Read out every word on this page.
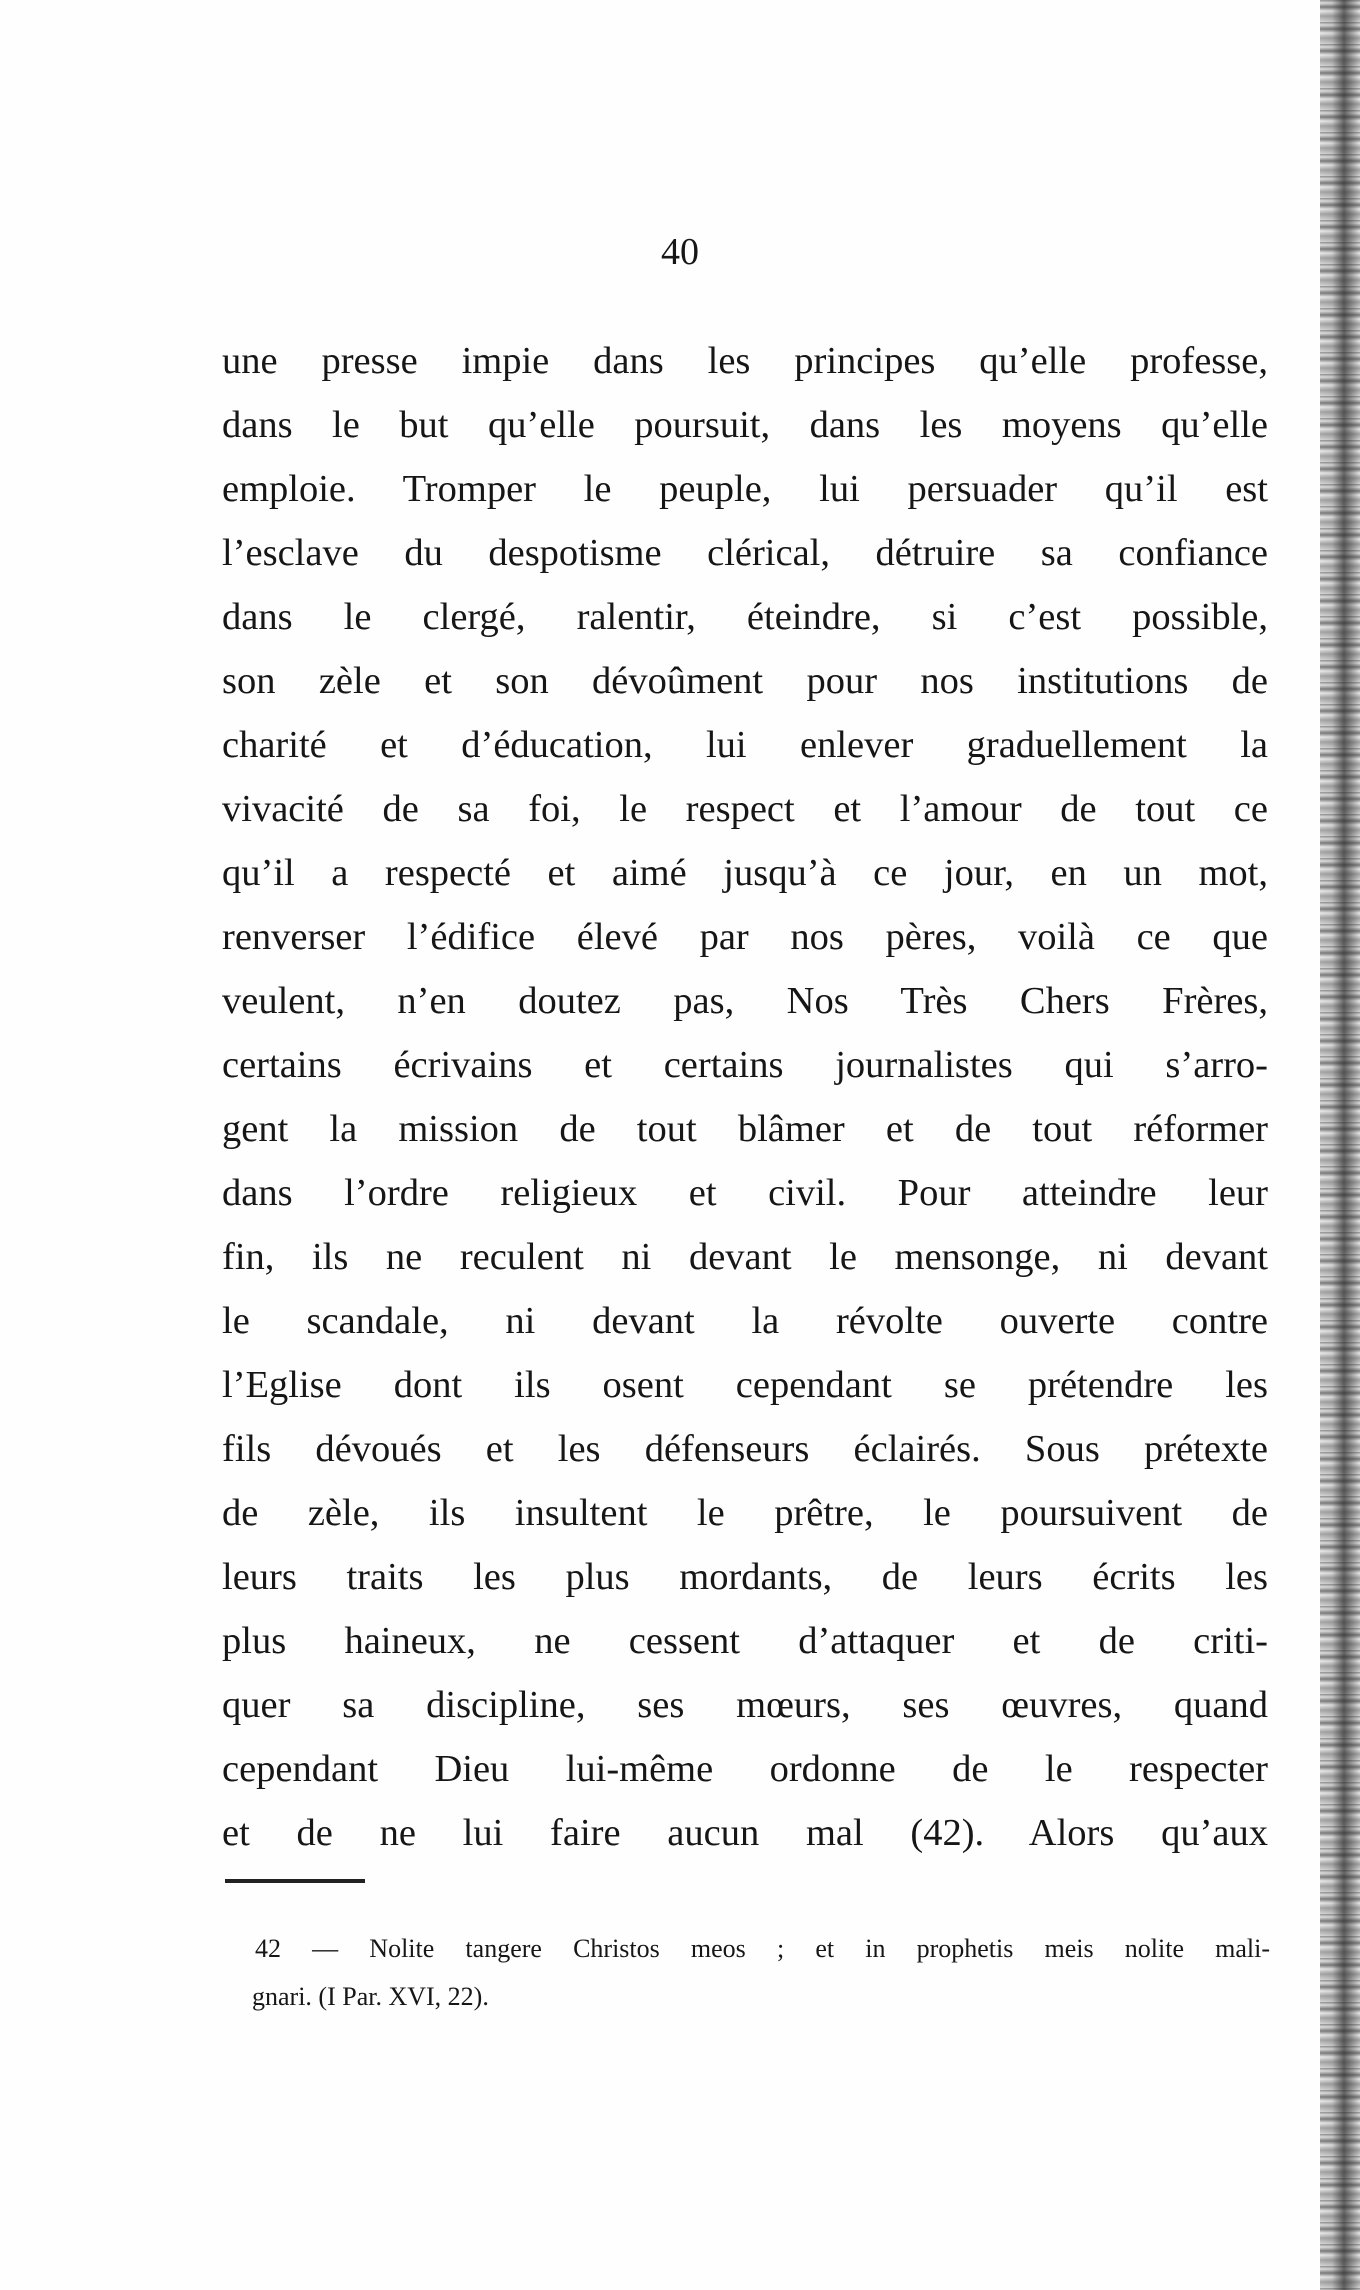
40
une presse impie dans les principes qu’elle professe,
dans le but qu’elle poursuit, dans les moyens qu’elle
emploie. Tromper le peuple, lui persuader qu’il est
l’esclave du despotisme clérical, détruire sa confiance
dans le clergé, ralentir, éteindre, si c’est possible,
son zèle et son dévoûment pour nos institutions de
charité et d’éducation, lui enlever graduellement la
vivacité de sa foi, le respect et l’amour de tout ce
qu’il a respecté et aimé jusqu’à ce jour, en un mot,
renverser l’édifice élevé par nos pères, voilà ce que
veulent, n’en doutez pas, Nos Très Chers Frères,
certains écrivains et certains journalistes qui s’arro-
gent la mission de tout blâmer et de tout réformer
dans l’ordre religieux et civil. Pour atteindre leur
fin, ils ne reculent ni devant le mensonge, ni devant
le scandale, ni devant la révolte ouverte contre
l’Eglise dont ils osent cependant se prétendre les
fils dévoués et les défenseurs éclairés. Sous prétexte
de zèle, ils insultent le prêtre, le poursuivent de
leurs traits les plus mordants, de leurs écrits les
plus haineux, ne cessent d’attaquer et de criti-
quer sa discipline, ses mœurs, ses œuvres, quand
cependant Dieu lui-même ordonne de le respecter
et de ne lui faire aucun mal (42). Alors qu’aux
42 — Nolite tangere Christos meos ; et in prophetis meis nolite mali-
gnari. (I Par. XVI, 22).
